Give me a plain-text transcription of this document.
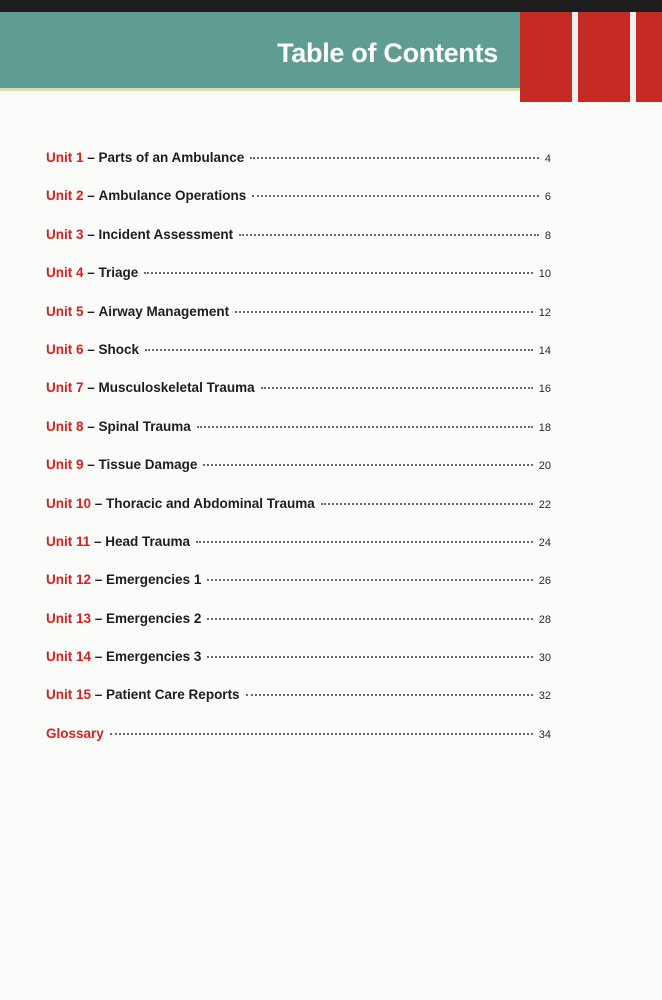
Table of Contents
Unit 1 – Parts of an Ambulance	4
Unit 2 – Ambulance Operations	6
Unit 3 – Incident Assessment	8
Unit 4 – Triage	10
Unit 5 – Airway Management	12
Unit 6 – Shock	14
Unit 7 – Musculoskeletal Trauma	16
Unit 8 – Spinal Trauma	18
Unit 9 – Tissue Damage	20
Unit 10 – Thoracic and Abdominal Trauma	22
Unit 11 – Head Trauma	24
Unit 12 – Emergencies 1	26
Unit 13 – Emergencies 2	28
Unit 14 – Emergencies 3	30
Unit 15 – Patient Care Reports	32
Glossary	34
